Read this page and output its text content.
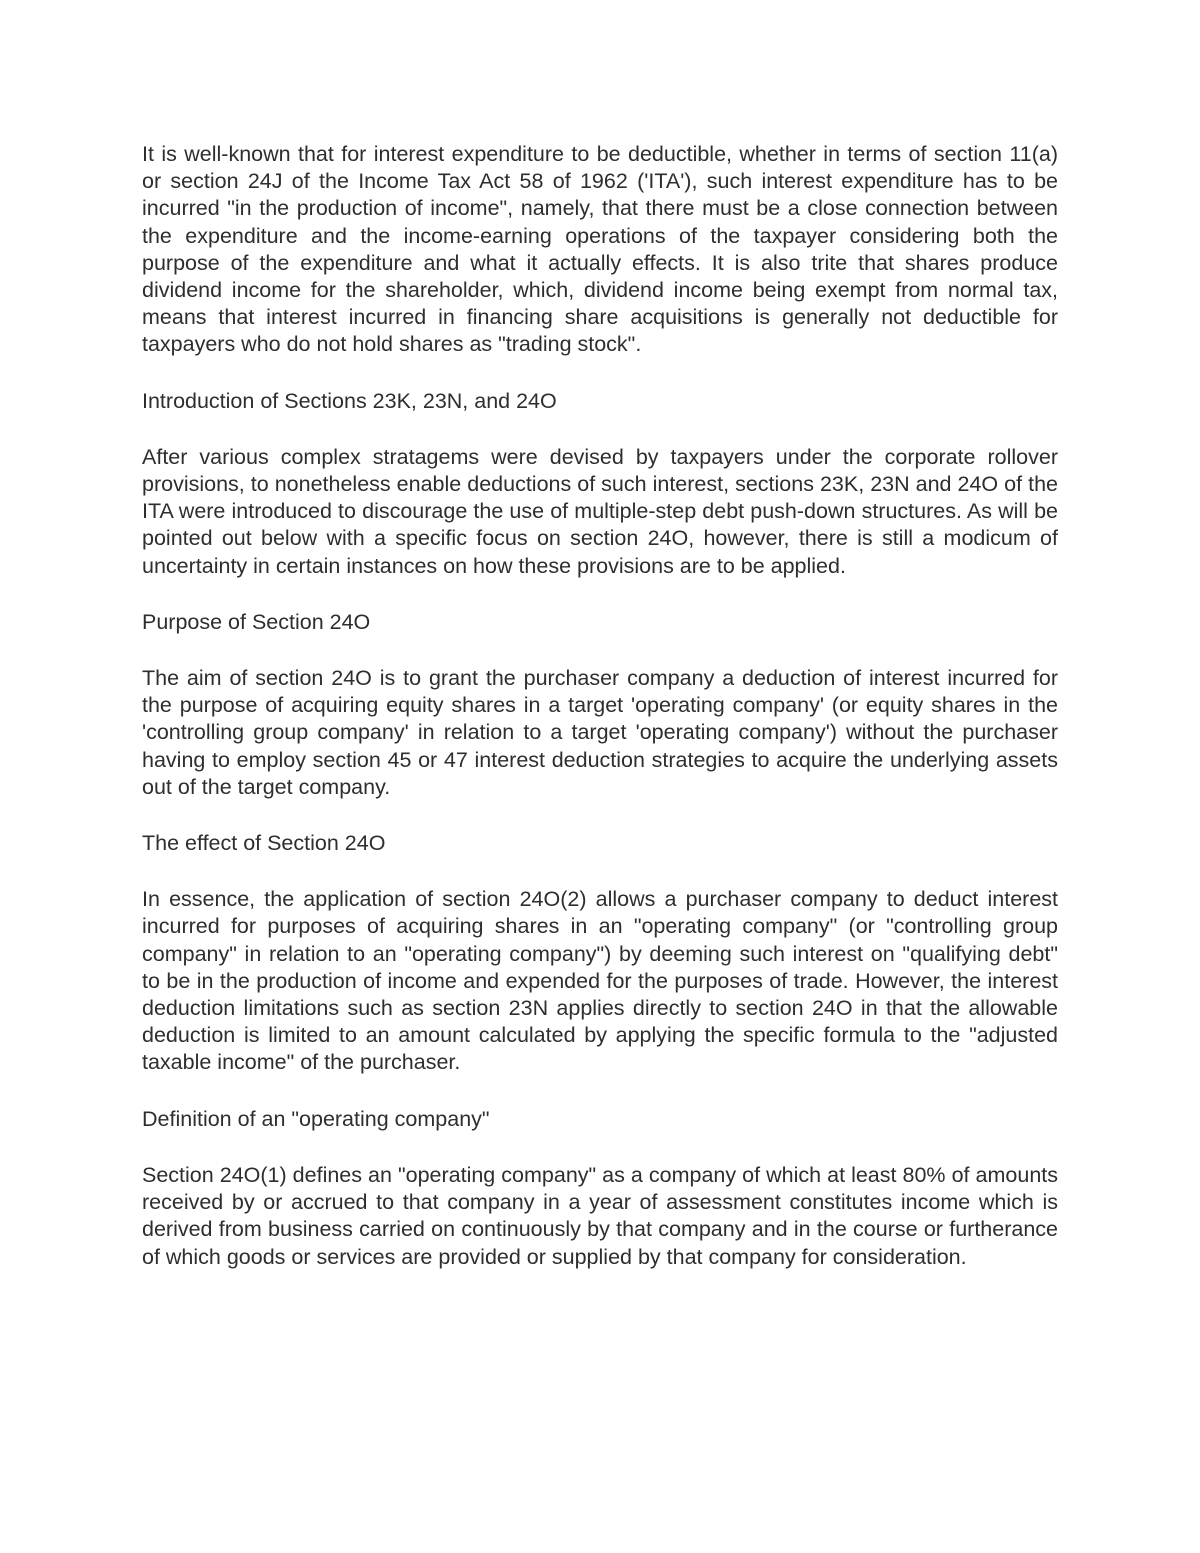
It is well-known that for interest expenditure to be deductible, whether in terms of section 11(a) or section 24J of the Income Tax Act 58 of 1962 ('ITA'), such interest expenditure has to be incurred "in the production of income", namely, that there must be a close connection between the expenditure and the income-earning operations of the taxpayer considering both the purpose of the expenditure and what it actually effects. It is also trite that shares produce dividend income for the shareholder, which, dividend income being exempt from normal tax, means that interest incurred in financing share acquisitions is generally not deductible for taxpayers who do not hold shares as "trading stock".

Introduction of Sections 23K, 23N, and 24O

After various complex stratagems were devised by taxpayers under the corporate rollover provisions, to nonetheless enable deductions of such interest, sections 23K, 23N and 24O of the ITA were introduced to discourage the use of multiple-step debt push-down structures. As will be pointed out below with a specific focus on section 24O, however, there is still a modicum of uncertainty in certain instances on how these provisions are to be applied.

Purpose of Section 24O

The aim of section 24O is to grant the purchaser company a deduction of interest incurred for the purpose of acquiring equity shares in a target 'operating company' (or equity shares in the 'controlling group company' in relation to a target 'operating company') without the purchaser having to employ section 45 or 47 interest deduction strategies to acquire the underlying assets out of the target company.

The effect of Section 24O

In essence, the application of section 24O(2) allows a purchaser company to deduct interest incurred for purposes of acquiring shares in an "operating company" (or "controlling group company" in relation to an "operating company") by deeming such interest on "qualifying debt" to be in the production of income and expended for the purposes of trade. However, the interest deduction limitations such as section 23N applies directly to section 24O in that the allowable deduction is limited to an amount calculated by applying the specific formula to the "adjusted taxable income" of the purchaser.

Definition of an "operating company"

Section 24O(1) defines an "operating company" as a company of which at least 80% of amounts received by or accrued to that company in a year of assessment constitutes income which is derived from business carried on continuously by that company and in the course or furtherance of which goods or services are provided or supplied by that company for consideration.
